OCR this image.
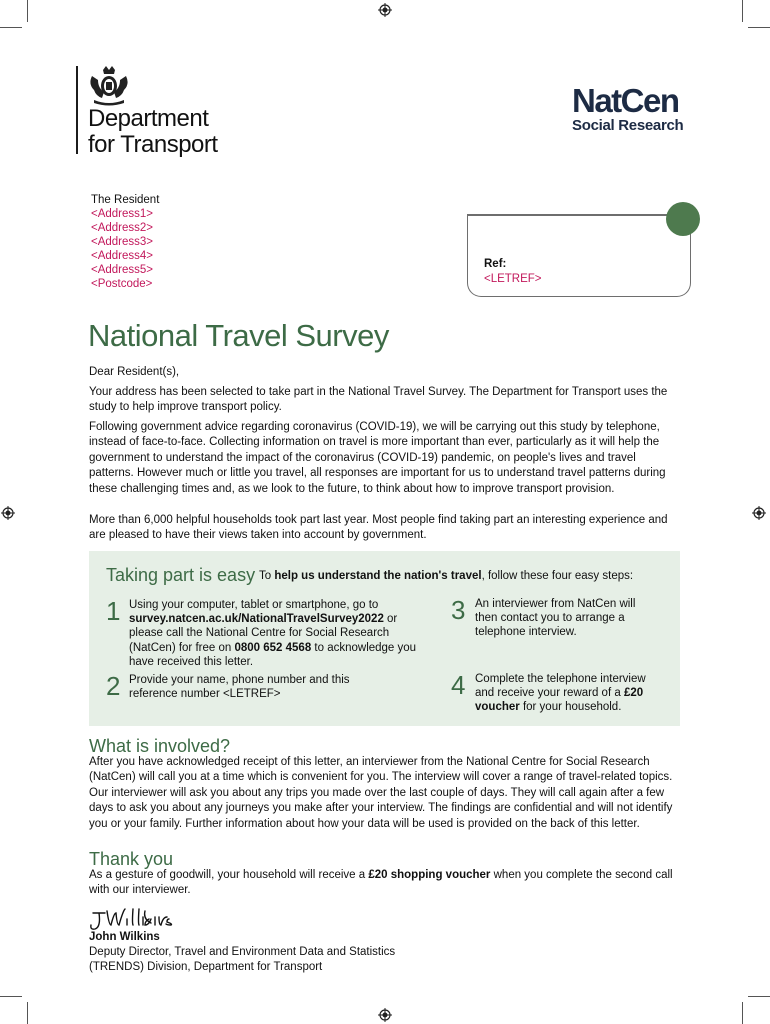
Department
for Transport
NatCen
Social Research
The Resident
<Address1>
<Address2>
<Address3>
<Address4>
<Address5>
<Postcode>
Ref:
<LETREF>
National Travel Survey
Dear Resident(s),
Your address has been selected to take part in the National Travel Survey. The Department for Transport uses the study to help improve transport policy.
Following government advice regarding coronavirus (COVID-19), we will be carrying out this study by telephone, instead of face-to-face. Collecting information on travel is more important than ever, particularly as it will help the government to understand the impact of the coronavirus (COVID-19) pandemic, on people's lives and travel patterns. However much or little you travel, all responses are important for us to understand travel patterns during these challenging times and, as we look to the future, to think about how to improve transport provision.
More than 6,000 helpful households took part last year. Most people find taking part an interesting experience and are pleased to have their views taken into account by government.
Taking part is easy To help us understand the nation's travel, follow these four easy steps:
1 Using your computer, tablet or smartphone, go to survey.natcen.ac.uk/NationalTravelSurvey2022 or please call the National Centre for Social Research (NatCen) for free on 0800 652 4568 to acknowledge you have received this letter.
2 Provide your name, phone number and this reference number <LETREF>
3 An interviewer from NatCen will then contact you to arrange a telephone interview.
4 Complete the telephone interview and receive your reward of a £20 voucher for your household.
What is involved?
After you have acknowledged receipt of this letter, an interviewer from the National Centre for Social Research (NatCen) will call you at a time which is convenient for you. The interview will cover a range of travel-related topics. Our interviewer will ask you about any trips you made over the last couple of days. They will call again after a few days to ask you about any journeys you make after your interview. The findings are confidential and will not identify you or your family. Further information about how your data will be used is provided on the back of this letter.
Thank you
As a gesture of goodwill, your household will receive a £20 shopping voucher when you complete the second call with our interviewer.
John Wilkins
Deputy Director, Travel and Environment Data and Statistics (TRENDS) Division, Department for Transport
